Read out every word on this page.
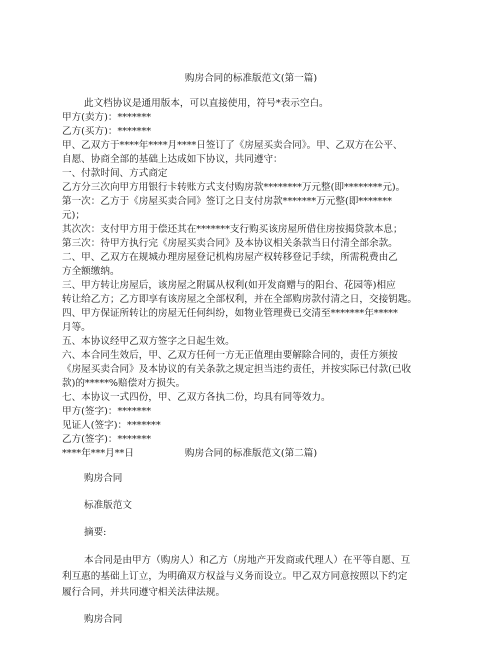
购房合同的标准版范文(第一篇)
此文档协议是通用版本，可以直接使用，符号*表示空白。
甲方(卖方)：*******
乙方(买方)：*******
甲、乙双方于****年****月****日签订了《房屋买卖合同》。甲、乙双方在公平、
自愿、协商全部的基础上达成如下协议，共同遵守：
一、付款时间、方式商定
乙方分三次向甲方用银行卡转账方式支付购房款********万元整(即********元)。
第一次：乙方于《房屋买卖合同》签订之日支付房款*******万元整(即*******
元)；
其次次：支付甲方用于偿还其在*******支行购买该房屋所借住房按揭贷款本息；
第三次：待甲方执行完《房屋买卖合同》及本协议相关条款当日付清全部余款。
二、甲、乙双方在规城办理房屋登记机构房屋产权转移登记手续，所需税费由乙
方全额缴纳。
三、甲方转让房屋后，该房屋之附属从权利(如开发商赠与的阳台、花园等)相应
转让给乙方；乙方即享有该房屋之全部权利，并在全部购房款付清之日，交接钥匙。
四、甲方保证所转让的房屋无任何纠纷，如物业管理费已交清至*******年*****
月等。
五、本协议经甲乙双方签字之日起生效。
六、本合同生效后，甲、乙双方任何一方无正值理由要解除合同的，责任方须按
《房屋买卖合同》及本协议的有关条款之规定担当违约责任，并按实际已付款(已收
款)的*****%赔偿对方损失。
七、本协议一式四份，甲、乙双方各执二份，均具有同等效力。
甲方(签字)：*******
见证人(签字)：*******
乙方(签字)：*******
****年***月**日	购房合同的标准版范文(第二篇)
购房合同
标准版范文
摘要:
本合同是由甲方（购房人）和乙方（房地产开发商或代理人）在平等自愿、互
利互惠的基础上订立，为明确双方权益与义务而设立。甲乙双方同意按照以下约定
履行合同，并共同遵守相关法律法规。
购房合同
